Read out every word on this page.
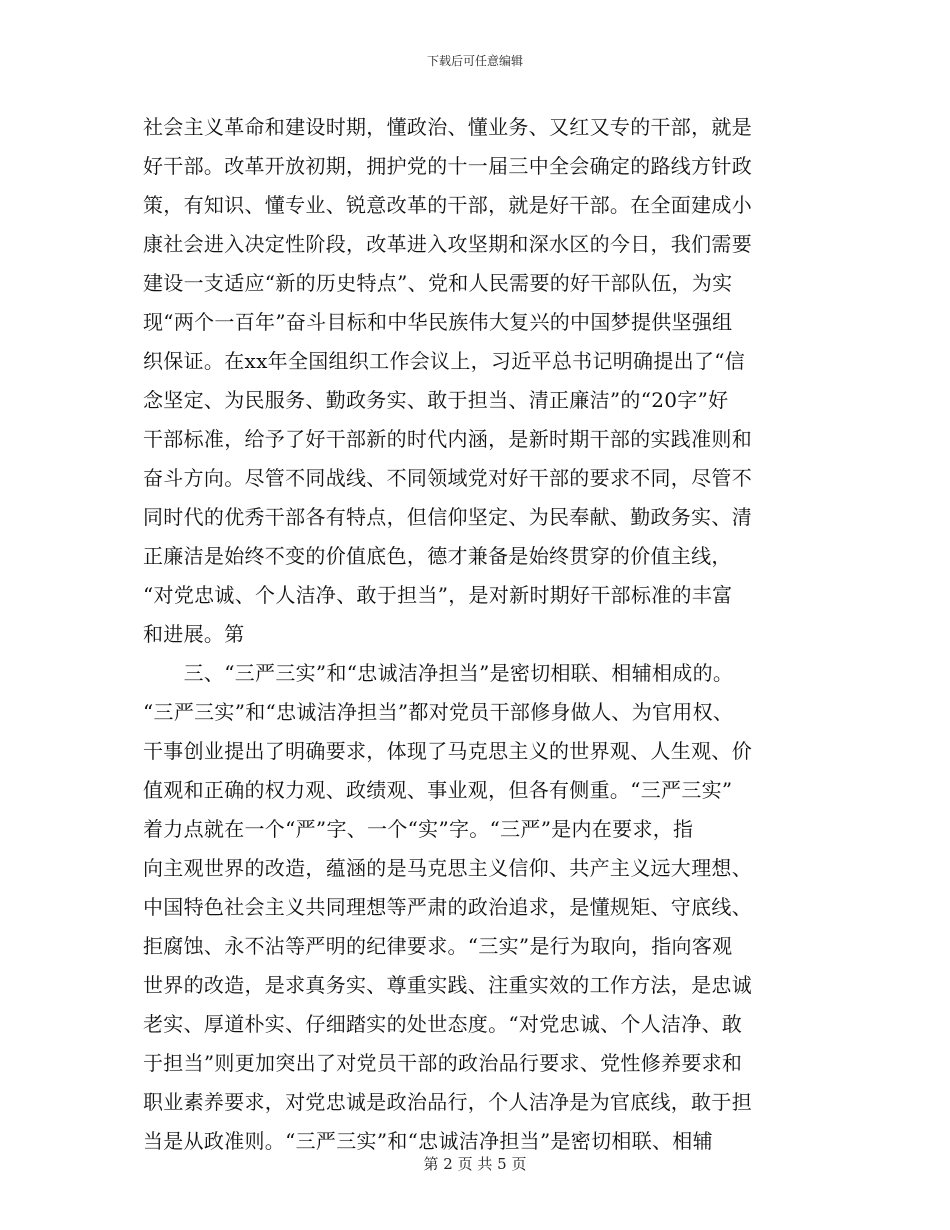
下载后可任意编辑
社会主义革命和建设时期，懂政治、懂业务、又红又专的干部，就是
好干部。改革开放初期，拥护党的十一届三中全会确定的路线方针政
策，有知识、懂专业、锐意改革的干部，就是好干部。在全面建成小
康社会进入决定性阶段，改革进入攻坚期和深水区的今日，我们需要
建设一支适应“新的历史特点”、党和人民需要的好干部队伍，为实
现“两个一百年”奋斗目标和中华民族伟大复兴的中国梦提供坚强组
织保证。在xx年全国组织工作会议上，习近平总书记明确提出了“信
念坚定、为民服务、勤政务实、敢于担当、清正廉洁”的“20字”好
干部标准，给予了好干部新的时代内涵，是新时期干部的实践准则和
奋斗方向。尽管不同战线、不同领域党对好干部的要求不同，尽管不
同时代的优秀干部各有特点，但信仰坚定、为民奉献、勤政务实、清
正廉洁是始终不变的价值底色，德才兼备是始终贯穿的价值主线，
“对党忠诚、个人洁净、敢于担当”，是对新时期好干部标准的丰富
和进展。第
　　三、“三严三实”和“忠诚洁净担当”是密切相联、相辅相成的。
“三严三实”和“忠诚洁净担当”都对党员干部修身做人、为官用权、
干事创业提出了明确要求，体现了马克思主义的世界观、人生观、价
值观和正确的权力观、政绩观、事业观，但各有侧重。“三严三实”
着力点就在一个“严”字、一个“实”字。“三严”是内在要求，指
向主观世界的改造，蕴涵的是马克思主义信仰、共产主义远大理想、
中国特色社会主义共同理想等严肃的政治追求，是懂规矩、守底线、
拒腐蚀、永不沾等严明的纪律要求。“三实”是行为取向，指向客观
世界的改造，是求真务实、尊重实践、注重实效的工作方法，是忠诚
老实、厚道朴实、仔细踏实的处世态度。“对党忠诚、个人洁净、敢
于担当”则更加突出了对党员干部的政治品行要求、党性修养要求和
职业素养要求，对党忠诚是政治品行，个人洁净是为官底线，敢于担
当是从政准则。“三严三实”和“忠诚洁净担当”是密切相联、相辅
第 2 页 共 5 页
